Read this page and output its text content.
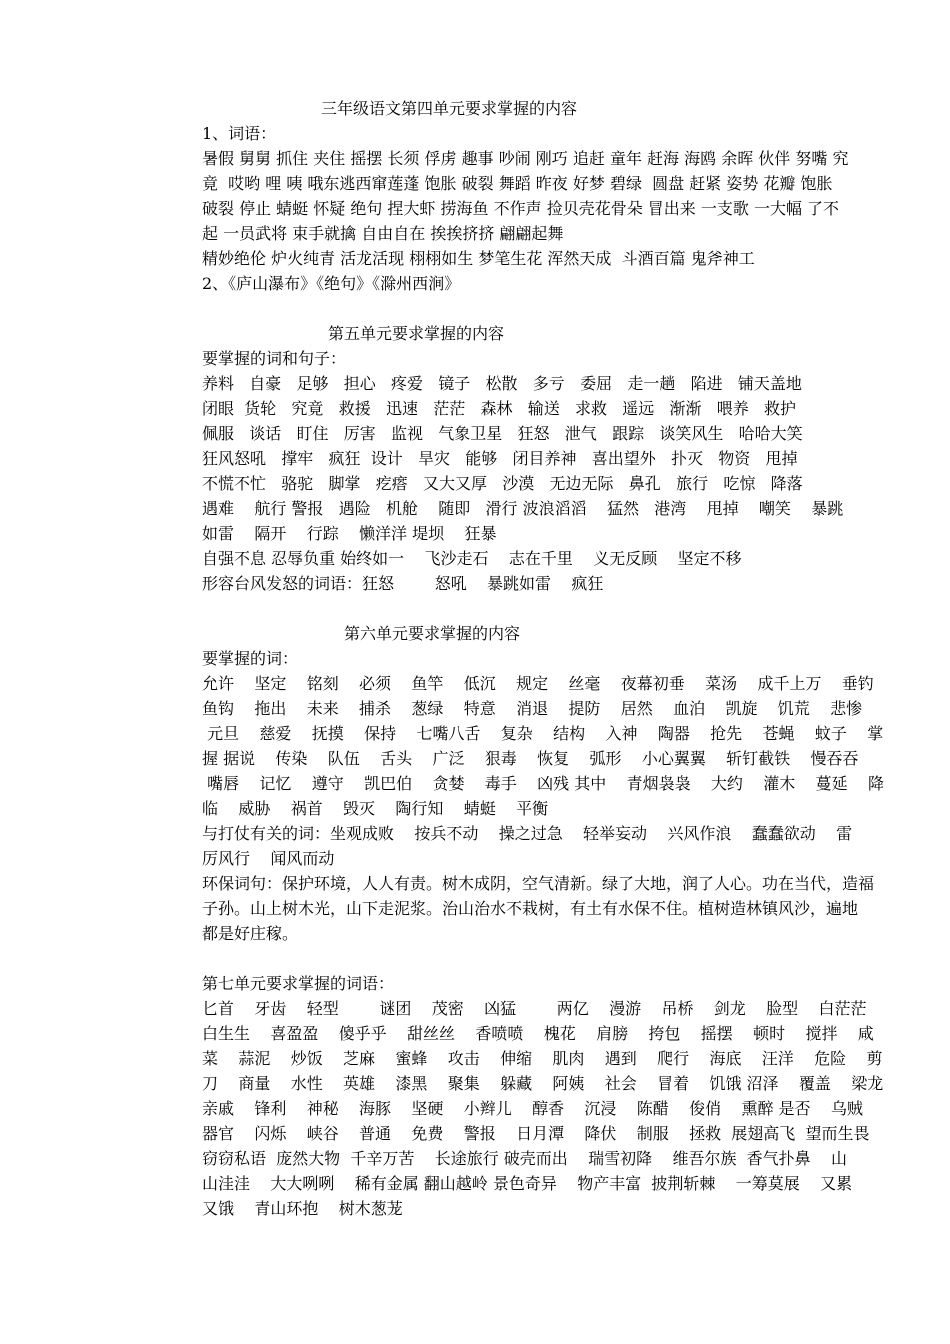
三年级语文第四单元要求掌握的内容
1、词语：
暑假 舅舅 抓住 夹住 摇摆 长须 俘虏 趣事 吵闹 刚巧 追赶 童年 赶海 海鸥 余晖 伙伴 努嘴 究
竟  哎哟 哩 咦 哦东逃西窜莲蓬 饱胀 破裂 舞蹈 昨夜 好梦 碧绿  圆盘 赶紧 姿势 花瓣 饱胀
破裂 停止 蜻蜓 怀疑 绝句 捏大虾 捞海鱼 不作声 捡贝壳花骨朵 冒出来 一支歌 一大幅 了不
起 一员武将 束手就擒 自由自在 挨挨挤挤 翩翩起舞
精妙绝伦 炉火纯青 活龙活现 栩栩如生 梦笔生花 浑然天成  斗酒百篇 鬼斧神工
2、《庐山瀑布》《绝句》《滁州西涧》
第五单元要求掌握的内容
要掌握的词和句子：
养料   自豪   足够   担心   疼爱   镜子   松散   多亏   委屈   走一趟   陷进   铺天盖地
闭眼  货轮   究竟   救援   迅速   茫茫   森林   输送   求救   遥远   渐渐   喂养   救护
佩服   谈话   盯住   厉害   监视   气象卫星   狂怒   泄气   跟踪   谈笑风生   哈哈大笑
狂风怒吼   撑牢   疯狂  设计   旱灾   能够   闭目养神   喜出望外   扑灭   物资   甩掉
不慌不忙   骆驼   脚掌   疙瘩   又大又厚   沙漠   无边无际   鼻孔   旅行   吃惊   降落
遇难    航行 警报   遇险   机舱    随即   滑行 波浪滔滔    猛然   港湾    甩掉    嘲笑    暴跳
如雷    隔开    行踪    懒洋洋 堤坝    狂暴
自强不息 忍辱负重 始终如一    飞沙走石    志在千里    义无反顾    坚定不移
形容台风发怒的词语：狂怒        怒吼    暴跳如雷    疯狂
第六单元要求掌握的内容
要掌握的词：
允许    坚定    铭刻    必须    鱼竿    低沉    规定    丝毫    夜幕初垂    菜汤    成千上万    垂钓
鱼钩    拖出    未来    捕杀    葱绿    特意    消退    提防    居然    血泊    凯旋    饥荒    悲惨
元旦    慈爱    抚摸    保持    七嘴八舌    复杂    结构    入神    陶器    抢先    苍蝇    蚊子    掌
握 据说    传染    队伍    舌头    广泛    狠毒    恢复    弧形    小心翼翼    斩钉截铁    慢吞吞
嘴唇    记忆    遵守    凯巴伯    贪婪    毒手    凶残 其中    青烟袅袅    大约    灌木    蔓延    降
临    威胁    祸首    毁灭    陶行知    蜻蜓    平衡
与打仗有关的词：坐观成败    按兵不动    操之过急    轻举妄动    兴风作浪    蠢蠢欲动    雷
厉风行    闻风而动
环保词句：保护环境，人人有责。树木成阴，空气清新。绿了大地，润了人心。功在当代，造福
子孙。山上树木光，山下走泥浆。治山治水不栽树，有土有水保不住。植树造林镇风沙，遍地
都是好庄稼。
第七单元要求掌握的词语：
匕首    牙齿    轻型        谜团    茂密    凶猛        两亿    漫游    吊桥    剑龙    脸型    白茫茫
白生生    喜盈盈    傻乎乎    甜丝丝    香喷喷    槐花    肩膀    挎包    摇摆    顿时    搅拌    咸
菜    蒜泥    炒饭    芝麻    蜜蜂    攻击    伸缩    肌肉    遇到    爬行    海底    汪洋    危险    剪
刀    商量    水性    英雄    漆黑    聚集    躲藏    阿姨    社会    冒着    饥饿 沼泽    覆盖    梁龙
亲戚    锋利    神秘    海豚    坚硬    小辫儿    醇香    沉浸    陈醋    俊俏    熏醉 是否    乌贼
器官    闪烁    峡谷    普通    免费    警报    日月潭    降伏    制服    拯救  展翅高飞  望而生畏
窃窃私语  庞然大物  千辛万苦    长途旅行 破壳而出    瑞雪初降    维吾尔族  香气扑鼻    山
山洼洼    大大咧咧    稀有金属 翻山越岭 景色奇异    物产丰富  披荆斩棘    一筹莫展    又累
又饿    青山环抱    树木葱茏
